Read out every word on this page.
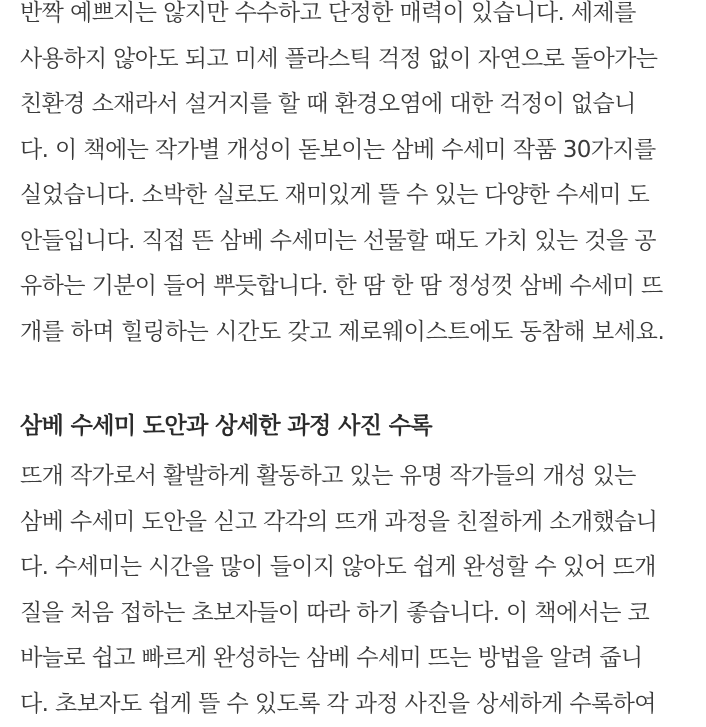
반짝 예쁘지는 않지만 수수하고 단정한 매력이 있습니다. 세제를

사용하지 않아도 되고 미세 플라스틱 걱정 없이 자연으로 돌아가는

친환경 소재라서 설거지를 할 때 환경오염에 대한 걱정이 없습니

다. 이 책에는 작가별 개성이 돋보이는 삼베 수세미 작품 30가지를

실었습니다. 소박한 실로도 재미있게 뜰 수 있는 다양한 수세미 도

안들입니다. 직접 뜬 삼베 수세미는 선물할 때도 가치 있는 것을 공

유하는 기분이 들어 뿌듯합니다. 한 땀 한 땀 정성껏 삼베 수세미 뜨

개를 하며 힐링하는 시간도 갖고 제로웨이스트에도 동참해 보세요.

삼베 수세미 도안과 상세한 과정 사진 수록

뜨개 작가로서 활발하게 활동하고 있는 유명 작가들의 개성 있는

삼베 수세미 도안을 싣고 각각의 뜨개 과정을 친절하게 소개했습니

다. 수세미는 시간을 많이 들이지 않아도 쉽게 완성할 수 있어 뜨개

질을 처음 접하는 초보자들이 따라 하기 좋습니다. 이 책에서는 코

바늘로 쉽고 빠르게 완성하는 삼베 수세미 뜨는 방법을 알려 줍니

다. 초보자도 쉽게 뜰 수 있도록 각 과정 사진을 상세하게 수록하여
